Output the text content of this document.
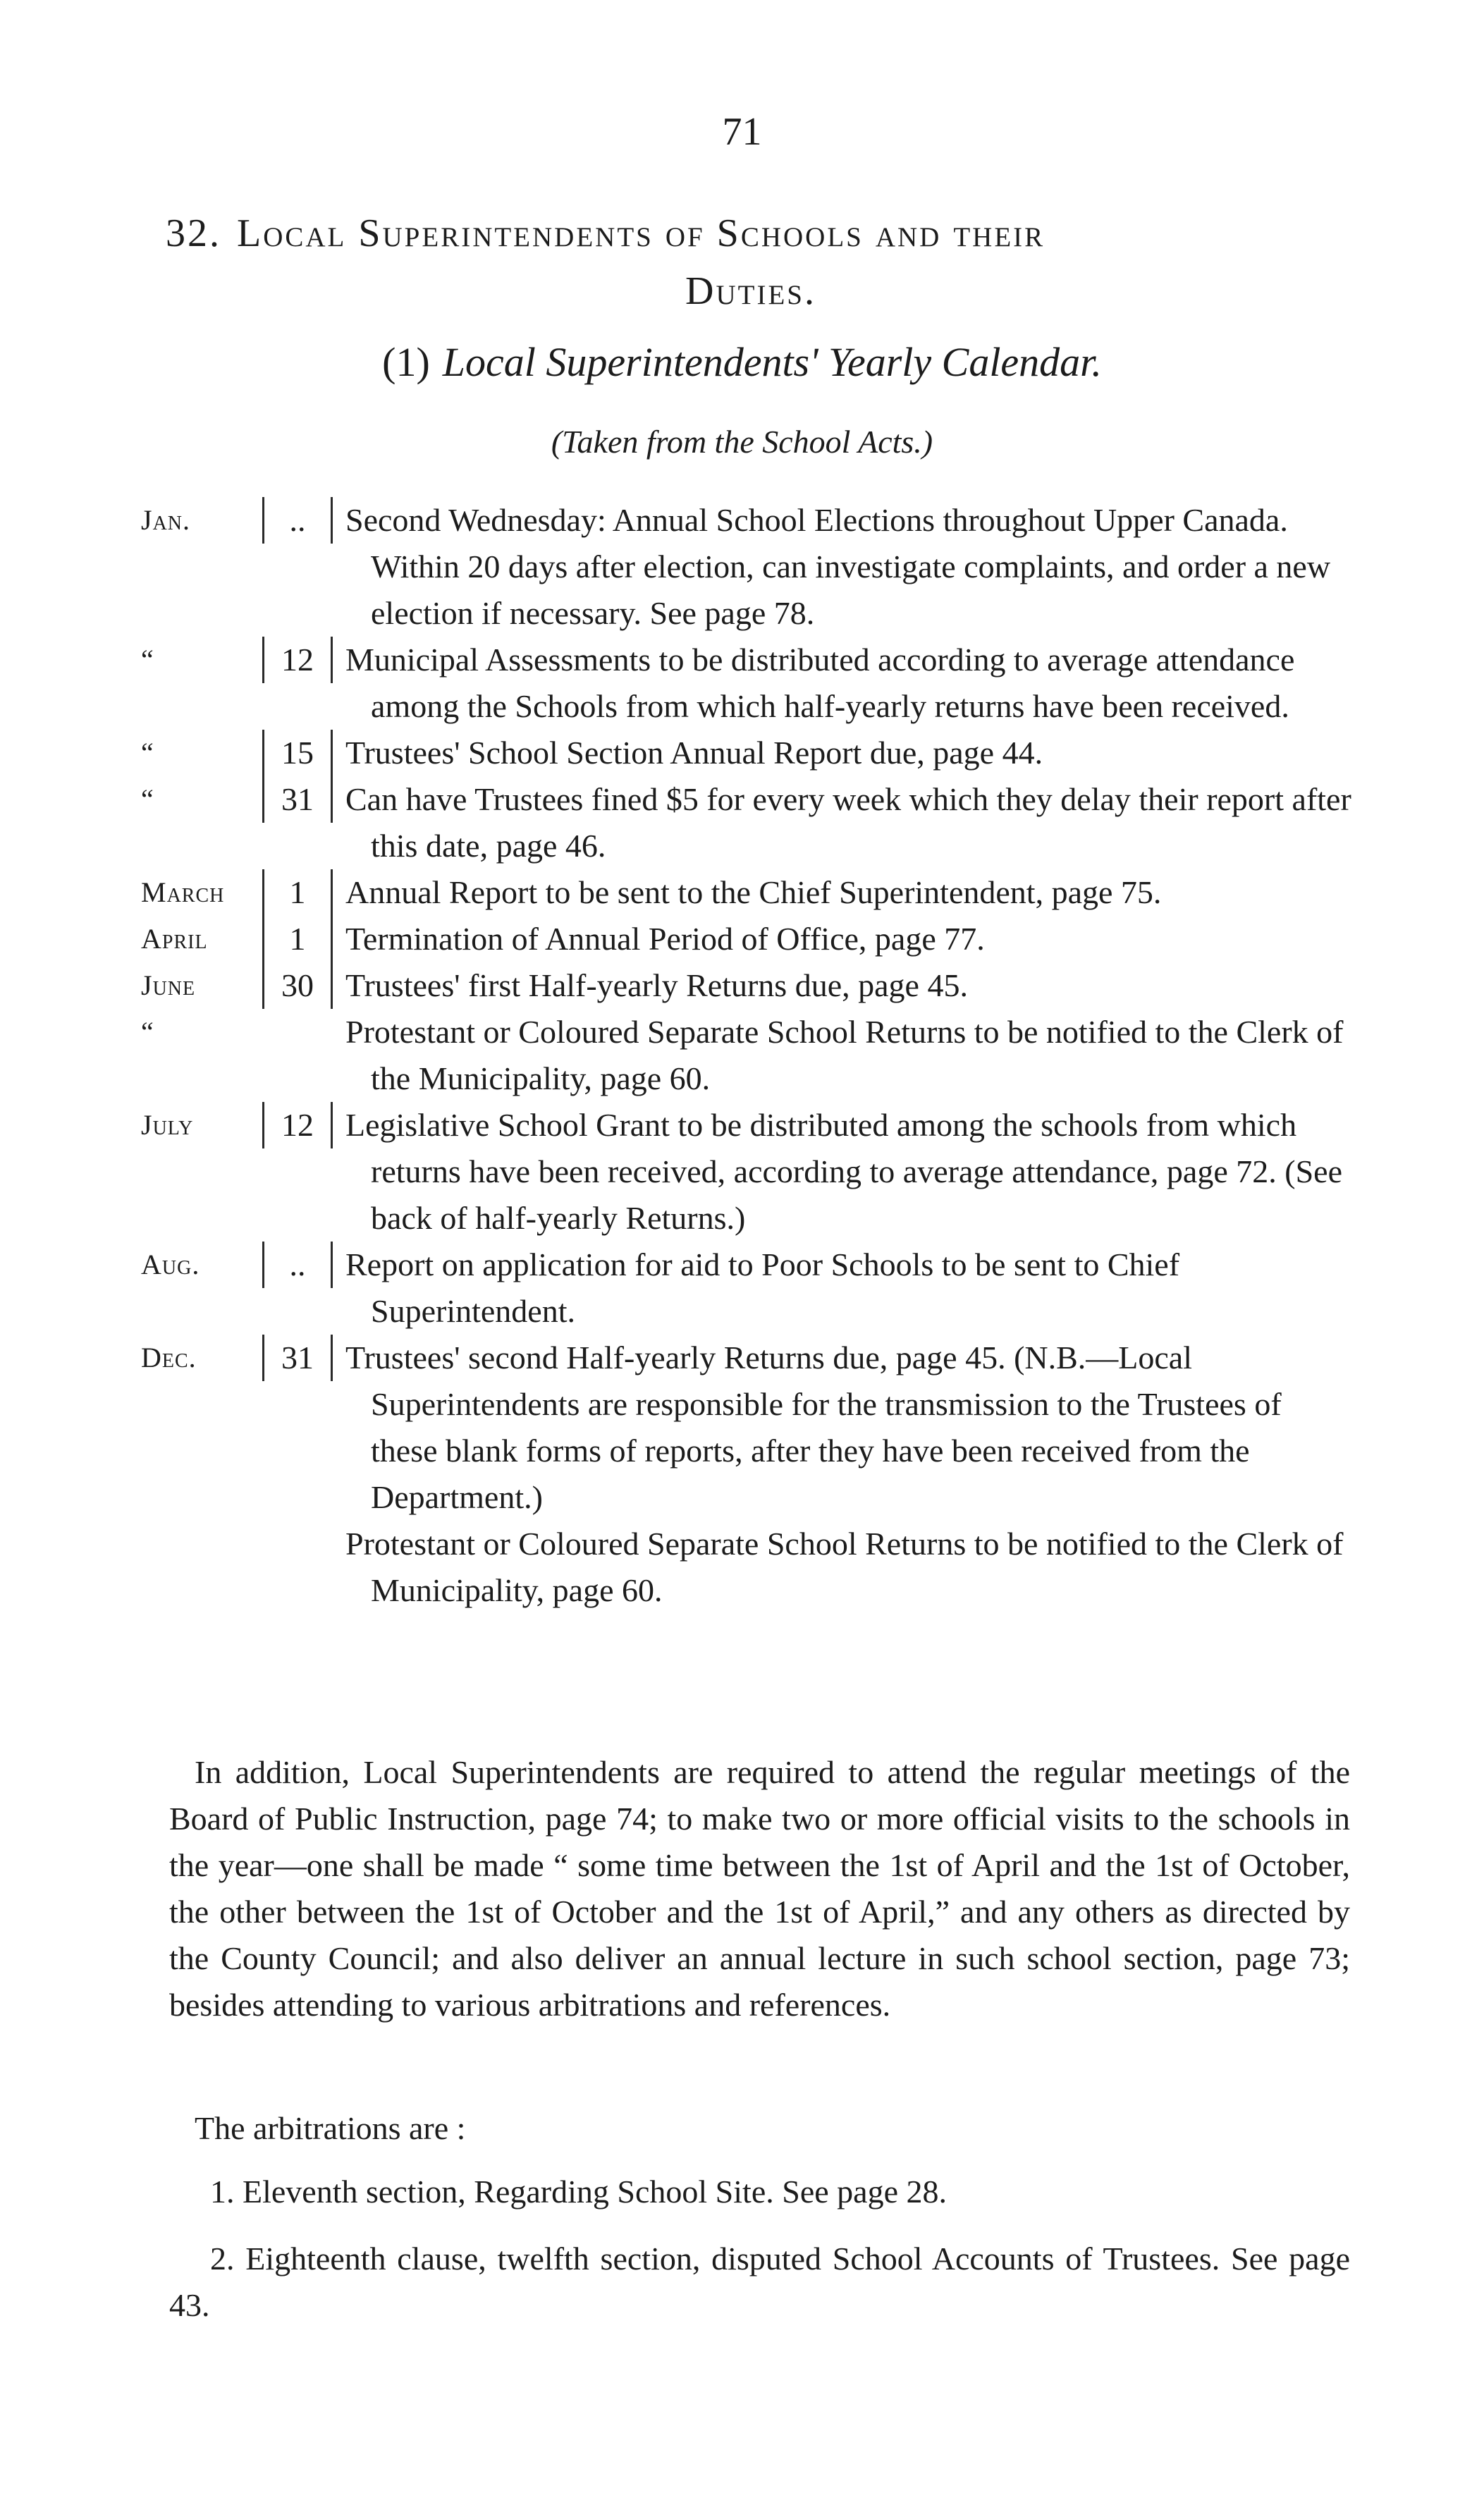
71
32. Local Superintendents of Schools and their
Duties.
(1) Local Superintendents' Yearly Calendar.
(Taken from the School Acts.)
Jan.	..	Second Wednesday: Annual School Elections throughout Upper Canada. Within 20 days after election, can investigate complaints, and order a new election if necessary. See page 78.
“	12 Municipal Assessments to be distributed according to average attendance among the Schools from which half-yearly returns have been received.
“	15 Trustees' School Section Annual Report due, page 44.
“	31 Can have Trustees fined $5 for every week which they delay their report after this date, page 46.
March	1	Annual Report to be sent to the Chief Superintendent, page 75.
April	1	Termination of Annual Period of Office, page 77.
June	30 Trustees' first Half-yearly Returns due, page 45.
“	Protestant or Coloured Separate School Returns to be notified to the Clerk of the Municipality, page 60.
July	12 Legislative School Grant to be distributed among the schools from which returns have been received, according to average attendance, page 72. (See back of half-yearly Returns.)
Aug.	..	Report on application for aid to Poor Schools to be sent to Chief Superintendent.
Dec.	31 Trustees' second Half-yearly Returns due, page 45. (N.B.—Local Superintendents are responsible for the transmission to the Trustees of these blank forms of reports, after they have been received from the Department.)
Protestant or Coloured Separate School Returns to be notified to the Clerk of Municipality, page 60.

In addition, Local Superintendents are required to attend the regular meetings of the Board of Public Instruction, page 74; to make two or more official visits to the schools in the year—one shall be made “ some time between the 1st of April and the 1st of October, the other between the 1st of October and the 1st of April,” and any others as directed by the County Council; and also deliver an annual lecture in such school section, page 73; besides attending to various arbitrations and references.

The arbitrations are :

1. Eleventh section, Regarding School Site. See page 28.

2. Eighteenth clause, twelfth section, disputed School Accounts of Trustees. See page 43.
